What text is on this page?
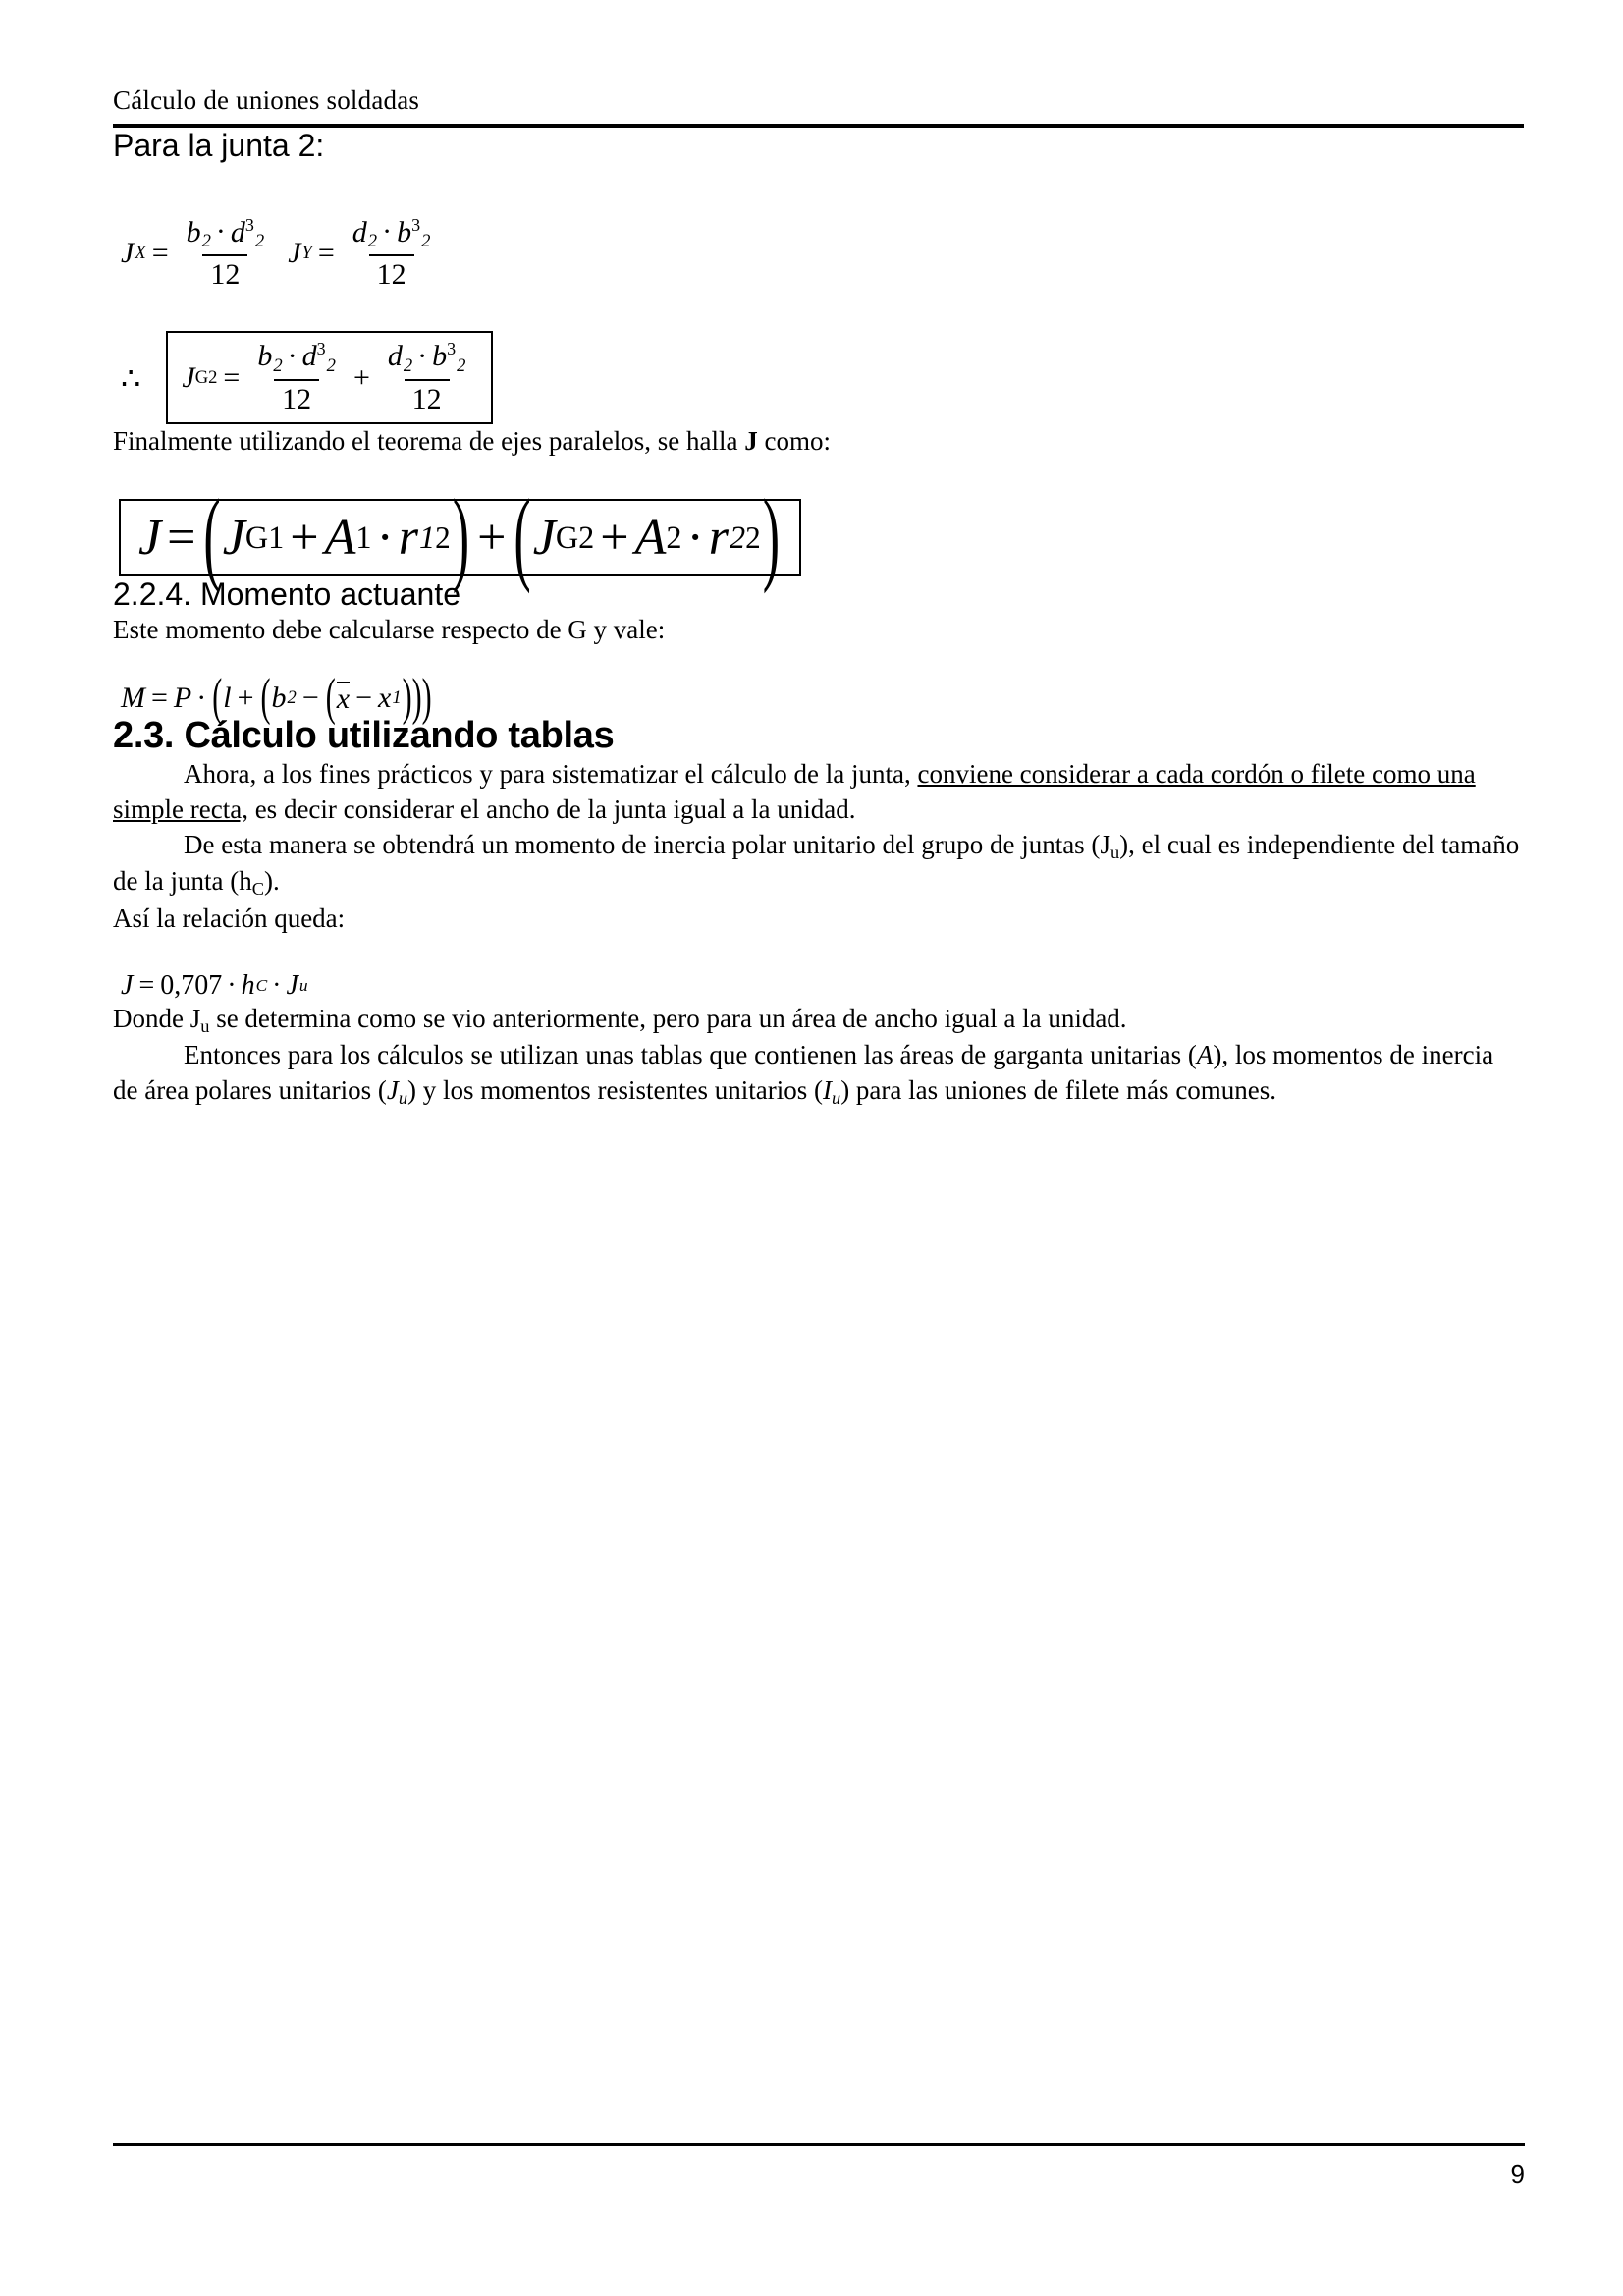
Cálculo de uniones soldadas
Para la junta 2:
J $X = \frac{b2 \cdot d32}{12}$
J $Y = \frac{d2 \cdot b32}{12}$
∴ J $G2 = \frac{b2 \cdot d32}{12} + \frac{d2 \cdot b32}{12}$

Finalmente utilizando el teorema de ejes paralelos, se halla J como:

J = ( J G1 + A 1 · r 1 2 ) + ( J G2 + A 2 · r 2 2 )
2.2.4. Momento actuante

Este momento debe calcularse respecto de G y vale:

M = P · ( l + ( b 2 − ( x − x 1 )))
2.3. Cálculo utilizando tablas

Ahora, a los fines prácticos y para sistematizar el cálculo de la junta, conviene considerar a cada cordón o filete como una simple recta, es decir considerar el ancho de la junta igual a la unidad.

De esta manera se obtendrá un momento de inercia polar unitario del grupo de juntas $(J_u)$, el cual es independiente del tamaño de la junta $(h_C)$.

Así la relación queda:

J = 0,707 · h C · J u

Donde $J_u$ se determina como se vio anteriormente, pero para un área de ancho igual a la unidad.

Entonces para los cálculos se utilizan unas tablas que contienen las áreas de garganta unitarias (A), los momentos de inercia de área polares unitarios $(J_u)$ y los momentos resistentes unitarios $(I_u)$ para las uniones de filete más comunes.

9
